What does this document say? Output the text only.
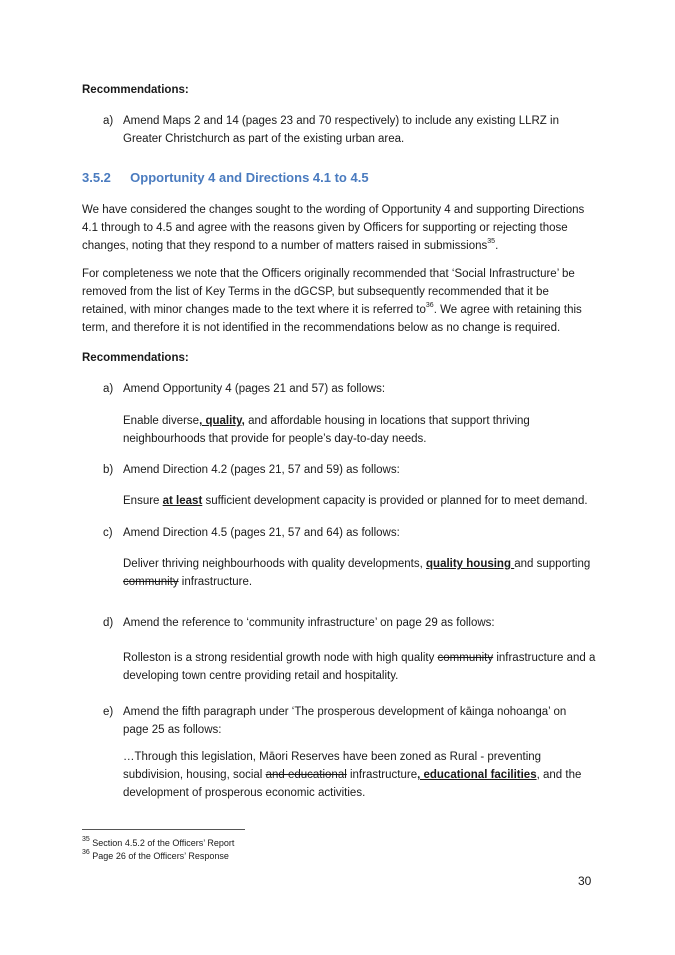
Recommendations:
a) Amend Maps 2 and 14 (pages 23 and 70 respectively) to include any existing LLRZ in Greater Christchurch as part of the existing urban area.
3.5.2 Opportunity 4 and Directions 4.1 to 4.5

We have considered the changes sought to the wording of Opportunity 4 and supporting Directions 4.1 through to 4.5 and agree with the reasons given by Officers for supporting or rejecting those changes, noting that they respond to a number of matters raised in submissions$^{35}$.

For completeness we note that the Officers originally recommended that ‘Social Infrastructure’ be removed from the list of Key Terms in the dGCSP, but subsequently recommended that it be retained, with minor changes made to the text where it is referred $to^{36}$. We agree with retaining this term, and therefore it is not identified in the recommendations below as no change is required.

Recommendations:
a) Amend Opportunity 4 (pages 21 and 57) as follows:
Enable diverse, quality, and affordable housing in locations that support thriving neighbourhoods that provide for people’s day-to-day needs.
b) Amend Direction 4.2 (pages 21, 57 and 59) as follows:
Ensure at least sufficient development capacity is provided or planned for to meet demand.
c) Amend Direction 4.5 (pages 21, 57 and 64) as follows:
Deliver thriving neighbourhoods with quality developments, quality housing and supporting community infrastructure.
d) Amend the reference to ‘community infrastructure’ on page 29 as follows:
Rolleston is a strong residential growth node with high quality community infrastructure and a developing town centre providing retail and hospitality.
e) Amend the fifth paragraph under ‘The prosperous development of kāinga nohoanga’ on page 25 as follows:
…Through this legislation, Māori Reserves have been zoned as Rural - preventing subdivision, housing, social and educational infrastructure, educational facilities, and the development of prosperous economic activities.
$^{35}$ Section 4.5.2 of the Officers’ Report
$^{36}$ Page 26 of the Officers’ Response
30
